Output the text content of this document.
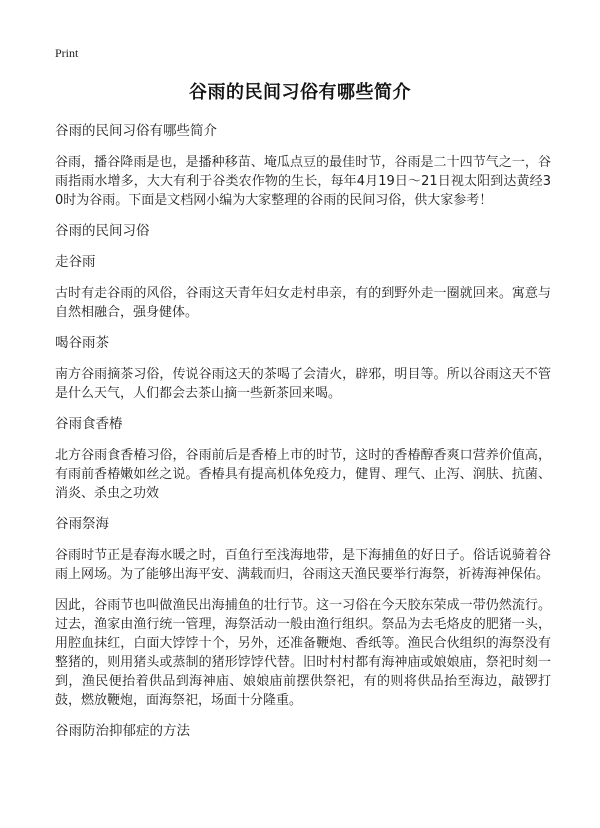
Print
谷雨的民间习俗有哪些简介

谷雨的民间习俗有哪些简介

谷雨，播谷降雨是也，是播种移苗、埯瓜点豆的最佳时节，谷雨是二十四节气之一，谷雨指雨水增多，大大有利于谷类农作物的生长，每年4月19日～21日视太阳到达黄经30时为谷雨。下面是文档网小编为大家整理的谷雨的民间习俗，供大家参考！

谷雨的民间习俗

走谷雨

古时有走谷雨的风俗，谷雨这天青年妇女走村串亲，有的到野外走一圈就回来。寓意与自然相融合，强身健体。

喝谷雨茶

南方谷雨摘茶习俗，传说谷雨这天的茶喝了会清火，辟邪，明目等。所以谷雨这天不管是什么天气，人们都会去茶山摘一些新茶回来喝。

谷雨食香椿

北方谷雨食香椿习俗，谷雨前后是香椿上市的时节，这时的香椿醇香爽口营养价值高，有雨前香椿嫩如丝之说。香椿具有提高机体免疫力，健胃、理气、止泻、润肤、抗菌、消炎、杀虫之功效

谷雨祭海

谷雨时节正是春海水暖之时，百鱼行至浅海地带，是下海捕鱼的好日子。俗话说骑着谷雨上网场。为了能够出海平安、满载而归，谷雨这天渔民要举行海祭，祈祷海神保佑。

因此，谷雨节也叫做渔民出海捕鱼的壮行节。这一习俗在今天胶东荣成一带仍然流行。过去，渔家由渔行统一管理，海祭活动一般由渔行组织。祭品为去毛烙皮的肥猪一头，用腔血抹红，白面大饽饽十个，另外，还准备鞭炮、香纸等。渔民合伙组织的海祭没有整猪的，则用猪头或蒸制的猪形饽饽代替。旧时村村都有海神庙或娘娘庙，祭祀时刻一到，渔民便抬着供品到海神庙、娘娘庙前摆供祭祀，有的则将供品抬至海边，敲锣打鼓，燃放鞭炮，面海祭祀，场面十分隆重。

谷雨防治抑郁症的方法
